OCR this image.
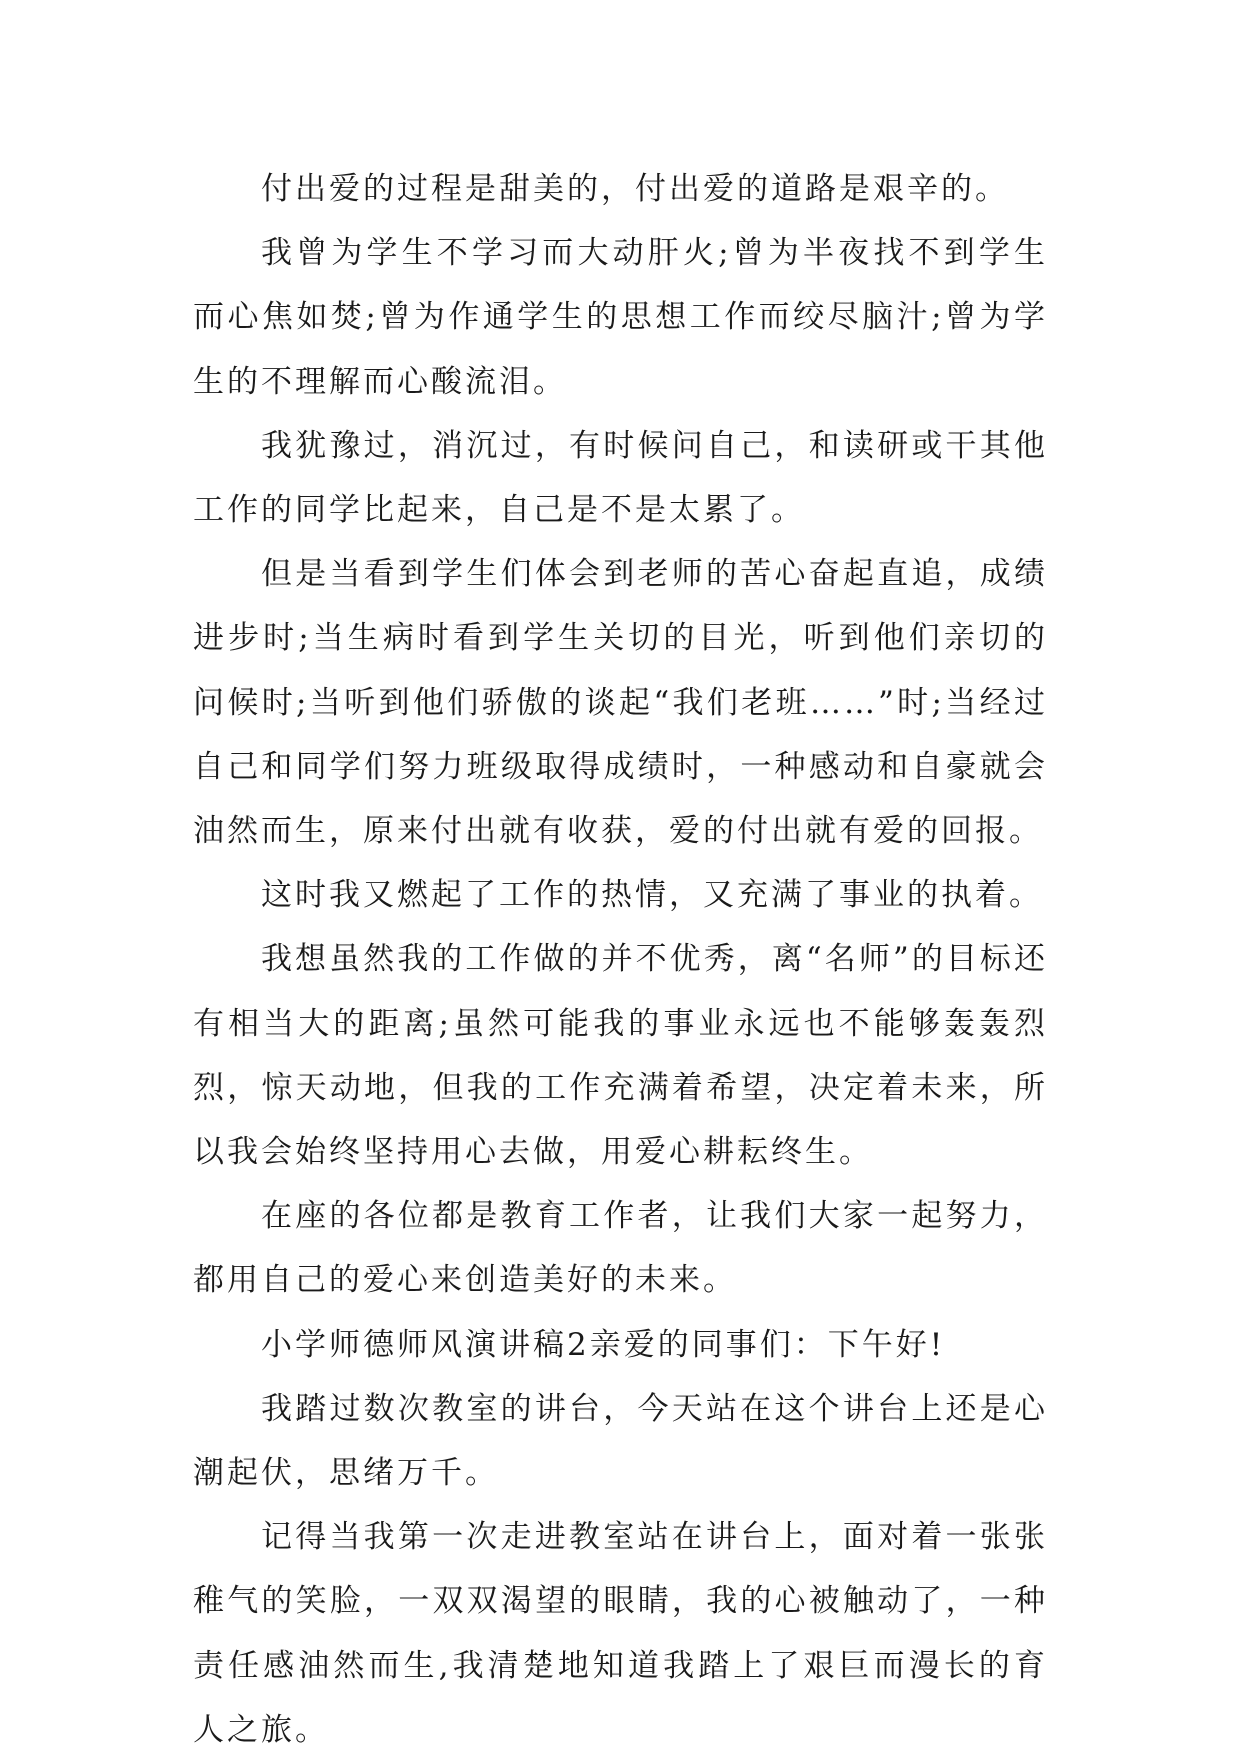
付出爱的过程是甜美的，付出爱的道路是艰辛的。

我曾为学生不学习而大动肝火;曾为半夜找不到学生而心焦如焚;曾为作通学生的思想工作而绞尽脑汁;曾为学生的不理解而心酸流泪。

我犹豫过，消沉过，有时候问自己，和读研或干其他工作的同学比起来，自己是不是太累了。

但是当看到学生们体会到老师的苦心奋起直追，成绩进步时;当生病时看到学生关切的目光，听到他们亲切的问候时;当听到他们骄傲的谈起“我们老班……”时;当经过自己和同学们努力班级取得成绩时，一种感动和自豪就会油然而生，原来付出就有收获，爱的付出就有爱的回报。

这时我又燃起了工作的热情，又充满了事业的执着。

我想虽然我的工作做的并不优秀，离“名师”的目标还有相当大的距离;虽然可能我的事业永远也不能够轰轰烈烈，惊天动地，但我的工作充满着希望，决定着未来，所以我会始终坚持用心去做，用爱心耕耘终生。

在座的各位都是教育工作者，让我们大家一起努力，都用自己的爱心来创造美好的未来。

小学师德师风演讲稿2亲爱的同事们：下午好!

我踏过数次教室的讲台，今天站在这个讲台上还是心潮起伏，思绪万千。

记得当我第一次走进教室站在讲台上，面对着一张张稚气的笑脸，一双双渴望的眼睛，我的心被触动了，一种责任感油然而生,我清楚地知道我踏上了艰巨而漫长的育人之旅。
